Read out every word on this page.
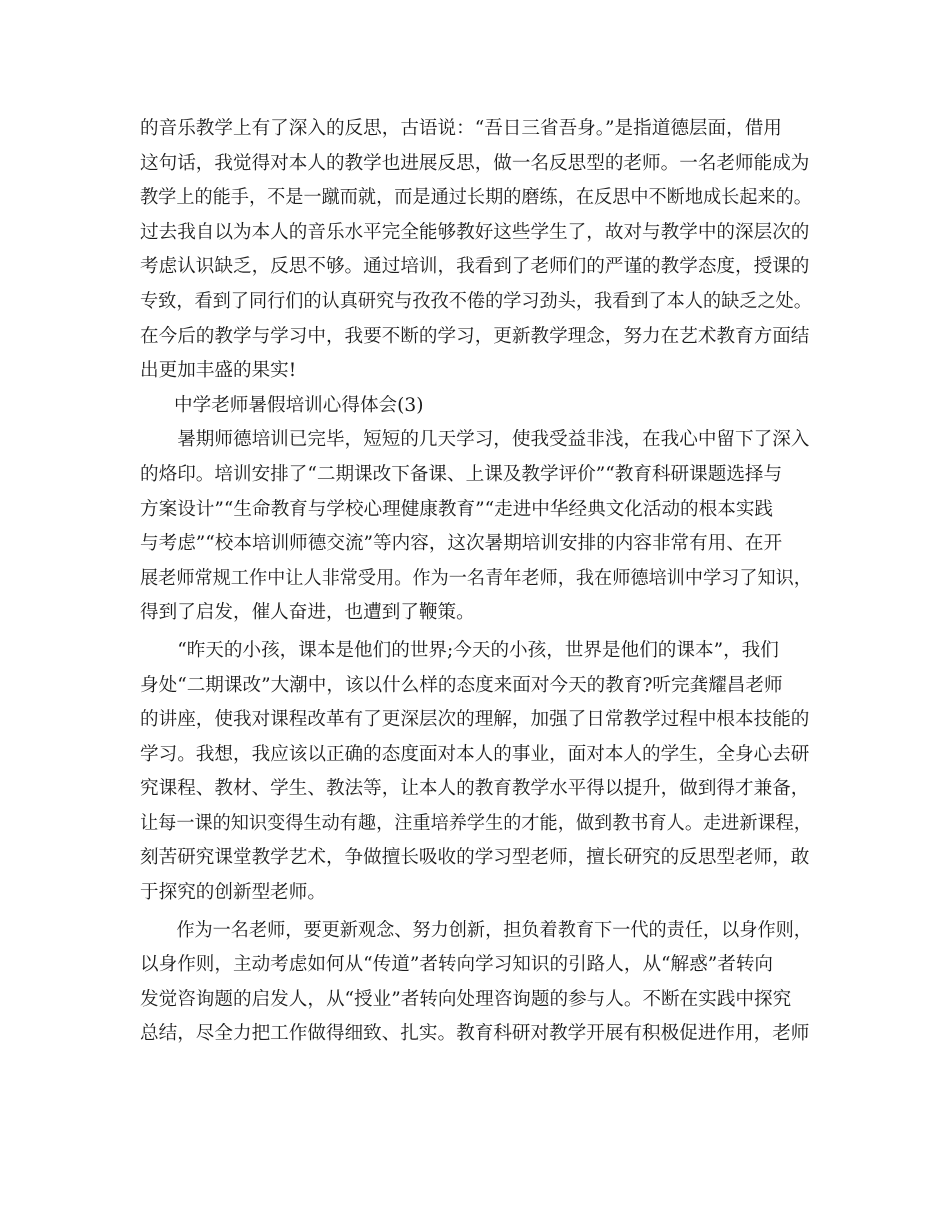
的音乐教学上有了深入的反思，古语说：“吾日三省吾身。”是指道德层面，借用
这句话，我觉得对本人的教学也进展反思，做一名反思型的老师。一名老师能成为
教学上的能手，不是一蹴而就，而是通过长期的磨练，在反思中不断地成长起来的。
过去我自以为本人的音乐水平完全能够教好这些学生了，故对与教学中的深层次的
考虑认识缺乏，反思不够。通过培训，我看到了老师们的严谨的教学态度，授课的
专致，看到了同行们的认真研究与孜孜不倦的学习劲头，我看到了本人的缺乏之处。
在今后的教学与学习中，我要不断的学习，更新教学理念，努力在艺术教育方面结
出更加丰盛的果实!
中学老师暑假培训心得体会(3)
　　暑期师德培训已完毕，短短的几天学习，使我受益非浅，在我心中留下了深入
的烙印。培训安排了“二期课改下备课、上课及教学评价”“教育科研课题选择与
方案设计”“生命教育与学校心理健康教育”“走进中华经典文化活动的根本实践
与考虑”“校本培训师德交流”等内容，这次暑期培训安排的内容非常有用、在开
展老师常规工作中让人非常受用。作为一名青年老师，我在师德培训中学习了知识，
得到了启发，催人奋进，也遭到了鞭策。
　　“昨天的小孩，课本是他们的世界;今天的小孩，世界是他们的课本”，我们
身处“二期课改”大潮中，该以什么样的态度来面对今天的教育?听完龚耀昌老师
的讲座，使我对课程改革有了更深层次的理解，加强了日常教学过程中根本技能的
学习。我想，我应该以正确的态度面对本人的事业，面对本人的学生，全身心去研
究课程、教材、学生、教法等，让本人的教育教学水平得以提升，做到得才兼备，
让每一课的知识变得生动有趣，注重培养学生的才能，做到教书育人。走进新课程，
刻苦研究课堂教学艺术，争做擅长吸收的学习型老师，擅长研究的反思型老师，敢
于探究的创新型老师。
　　作为一名老师，要更新观念、努力创新，担负着教育下一代的责任，以身作则，
以身作则，主动考虑如何从“传道”者转向学习知识的引路人，从“解惑”者转向
发觉咨询题的启发人，从“授业”者转向处理咨询题的参与人。不断在实践中探究
总结，尽全力把工作做得细致、扎实。教育科研对教学开展有积极促进作用，老师
